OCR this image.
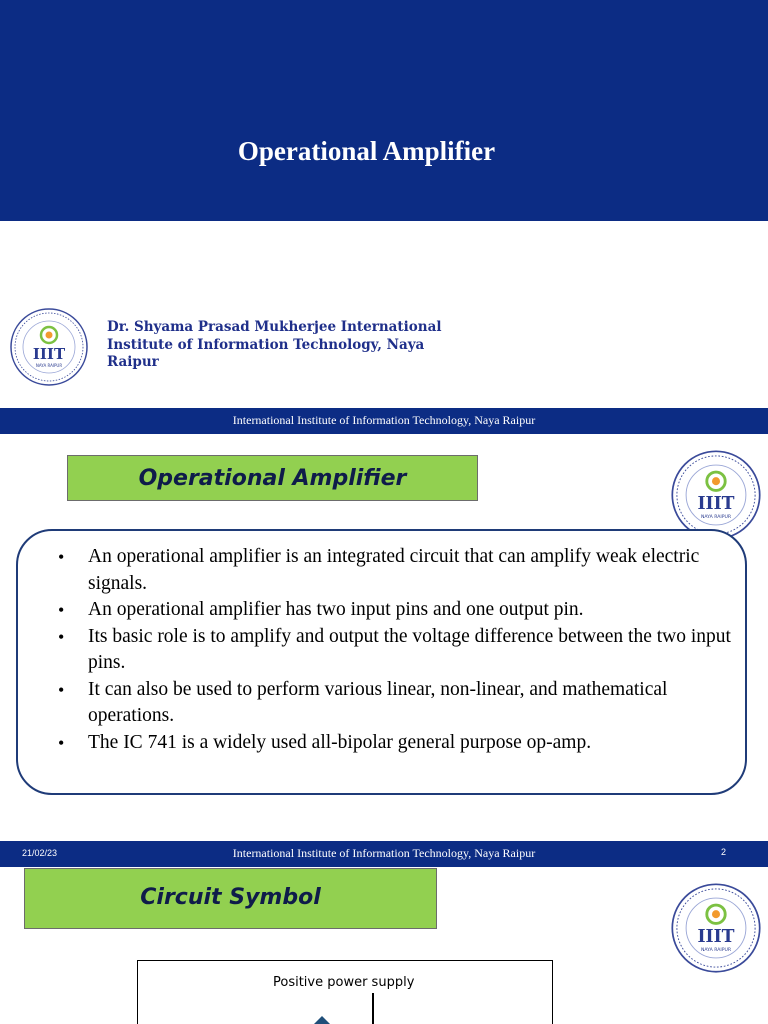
Operational Amplifier
IIIT
NAYA RAIPUR
Dr. Shyama Prasad Mukherjee International
Institute of Information Technology, Naya
Raipur
International Institute of Information Technology, Naya Raipur
Operational Amplifier
IIIT
NAYA RAIPUR
• An operational amplifier is an integrated circuit that can amplify weak electric signals.
• An operational amplifier has two input pins and one output pin.
• Its basic role is to amplify and output the voltage difference between the two input pins.
• It can also be used to perform various linear, non-linear, and mathematical operations.
• The IC 741 is a widely used all-bipolar general purpose op-amp.
21/02/23	International Institute of Information Technology, Naya Raipur	2
Circuit Symbol
IIIT
NAYA RAIPUR
Positive power supply
